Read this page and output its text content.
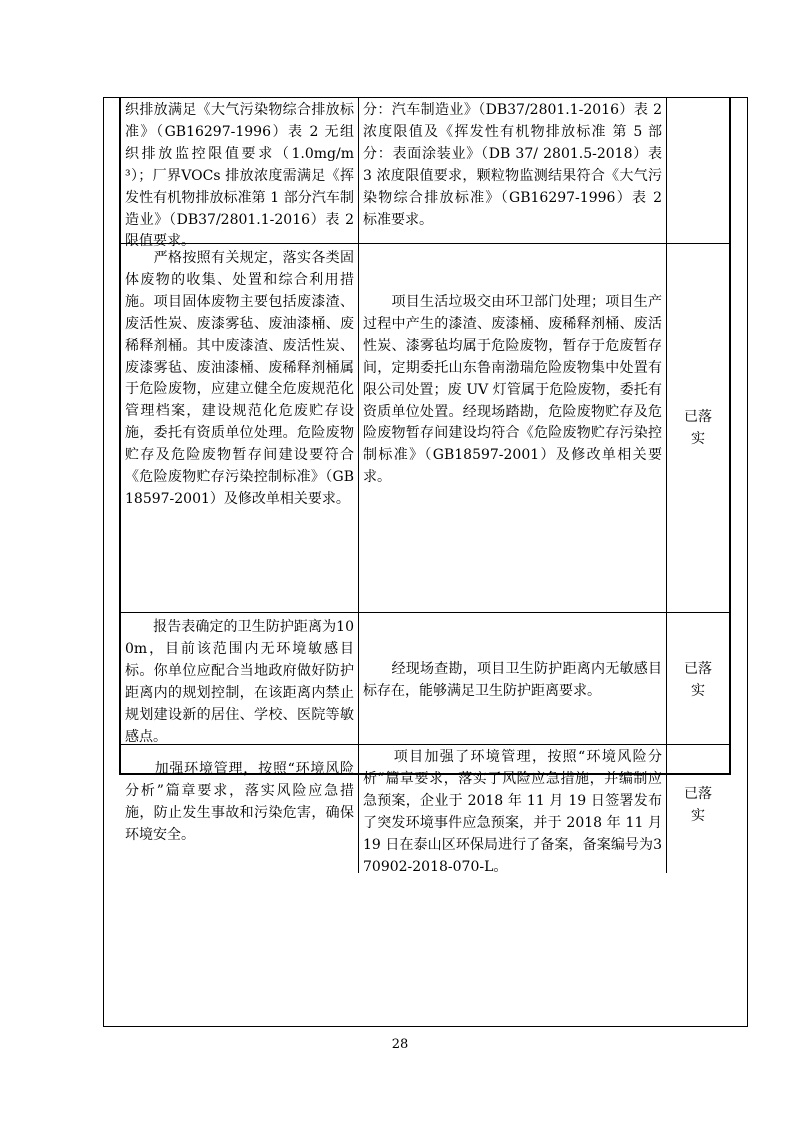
织排放满足《大气污染物综合排放标准》（GB16297-1996）表 2 无组织排放监控限值要求（1.0mg/m³）；厂界VOCs 排放浓度需满足《挥发性有机物排放标准第 1 部分汽车制造业》（DB37/2801.1-2016）表 2 限值要求。
分：汽车制造业》（DB37/2801.1-2016）表 2 浓度限值及《挥发性有机物排放标准 第 5 部分：表面涂装业》（DB 37/ 2801.5-2018）表 3 浓度限值要求，颗粒物监测结果符合《大气污染物综合排放标准》（GB16297-1996）表 2 标准要求。
　　严格按照有关规定，落实各类固体废物的收集、处置和综合利用措施。项目固体废物主要包括废漆渣、废活性炭、废漆雾毡、废油漆桶、废稀释剂桶。其中废漆渣、废活性炭、废漆雾毡、废油漆桶、废稀释剂桶属于危险废物，应建立健全危废规范化管理档案，建设规范化危废贮存设施，委托有资质单位处理。危险废物贮存及危险废物暂存间建设要符合《危险废物贮存污染控制标准》（GB18597-2001）及修改单相关要求。
　　项目生活垃圾交由环卫部门处理；项目生产过程中产生的漆渣、废漆桶、废稀释剂桶、废活性炭、漆雾毡均属于危险废物，暂存于危废暂存间，定期委托山东鲁南渤瑞危险废物集中处置有限公司处置；废 UV 灯管属于危险废物，委托有资质单位处置。经现场踏勘，危险废物贮存及危险废物暂存间建设均符合《危险废物贮存污染控制标准》（GB18597-2001）及修改单相关要求。
已落实
　　报告表确定的卫生防护距离为100m，目前该范围内无环境敏感目标。你单位应配合当地政府做好防护距离内的规划控制，在该距离内禁止规划建设新的居住、学校、医院等敏感点。
　　经现场查勘，项目卫生防护距离内无敏感目标存在，能够满足卫生防护距离要求。
已落实
　　加强环境管理，按照“环境风险分析”篇章要求，落实风险应急措施，防止发生事故和污染危害，确保环境安全。
　　项目加强了环境管理，按照“环境风险分析”篇章要求，落实了风险应急措施，并编制应急预案，企业于 2018 年 11 月 19 日签署发布了突发环境事件应急预案，并于 2018 年 11 月 19 日在泰山区环保局进行了备案，备案编号为370902-2018-070-L。
已落实
28
